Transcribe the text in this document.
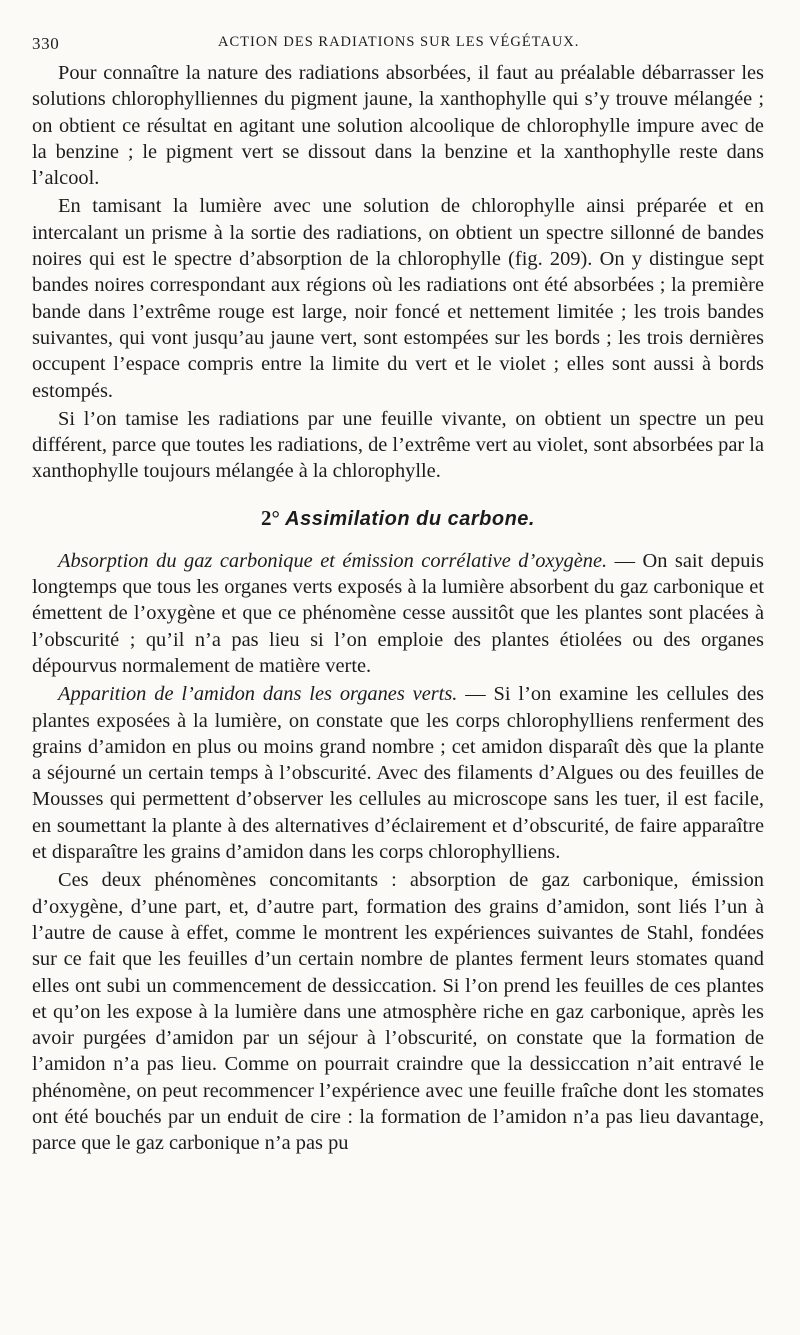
330	ACTION DES RADIATIONS SUR LES VÉGÉTAUX.

Pour connaître la nature des radiations absorbées, il faut au préalable débarrasser les solutions chlorophylliennes du pigment jaune, la xanthophylle qui s’y trouve mélangée ; on obtient ce résultat en agitant une solution alcoolique de chlorophylle impure avec de la benzine ; le pigment vert se dissout dans la benzine et la xanthophylle reste dans l’alcool.

En tamisant la lumière avec une solution de chlorophylle ainsi préparée et en intercalant un prisme à la sortie des radiations, on obtient un spectre sillonné de bandes noires qui est le spectre d’absorption de la chlorophylle (fig. 209). On y distingue sept bandes noires correspondant aux régions où les radiations ont été absorbées ; la première bande dans l’extrême rouge est large, noir foncé et nettement limitée ; les trois bandes suivantes, qui vont jusqu’au jaune vert, sont estompées sur les bords ; les trois dernières occupent l’espace compris entre la limite du vert et le violet ; elles sont aussi à bords estompés.

Si l’on tamise les radiations par une feuille vivante, on obtient un spectre un peu différent, parce que toutes les radiations, de l’extrême vert au violet, sont absorbées par la xanthophylle toujours mélangée à la chlorophylle.

2° Assimilation du carbone.

Absorption du gaz carbonique et émission corrélative d’oxygène. — On sait depuis longtemps que tous les organes verts exposés à la lumière absorbent du gaz carbonique et émettent de l’oxygène et que ce phénomène cesse aussitôt que les plantes sont placées à l’obscurité ; qu’il n’a pas lieu si l’on emploie des plantes étiolées ou des organes dépourvus normalement de matière verte.

Apparition de l’amidon dans les organes verts. — Si l’on examine les cellules des plantes exposées à la lumière, on constate que les corps chlorophylliens renferment des grains d’amidon en plus ou moins grand nombre ; cet amidon disparaît dès que la plante a séjourné un certain temps à l’obscurité. Avec des filaments d’Algues ou des feuilles de Mousses qui permettent d’observer les cellules au microscope sans les tuer, il est facile, en soumettant la plante à des alternatives d’éclairement et d’obscurité, de faire apparaître et disparaître les grains d’amidon dans les corps chlorophylliens.

Ces deux phénomènes concomitants : absorption de gaz carbonique, émission d’oxygène, d’une part, et, d’autre part, formation des grains d’amidon, sont liés l’un à l’autre de cause à effet, comme le montrent les expériences suivantes de Stahl, fondées sur ce fait que les feuilles d’un certain nombre de plantes ferment leurs stomates quand elles ont subi un commencement de dessiccation. Si l’on prend les feuilles de ces plantes et qu’on les expose à la lumière dans une atmosphère riche en gaz carbonique, après les avoir purgées d’amidon par un séjour à l’obscurité, on constate que la formation de l’amidon n’a pas lieu. Comme on pourrait craindre que la dessiccation n’ait entravé le phénomène, on peut recommencer l’expérience avec une feuille fraîche dont les stomates ont été bouchés par un enduit de cire : la formation de l’amidon n’a pas lieu davantage, parce que le gaz carbonique n’a pas pu
